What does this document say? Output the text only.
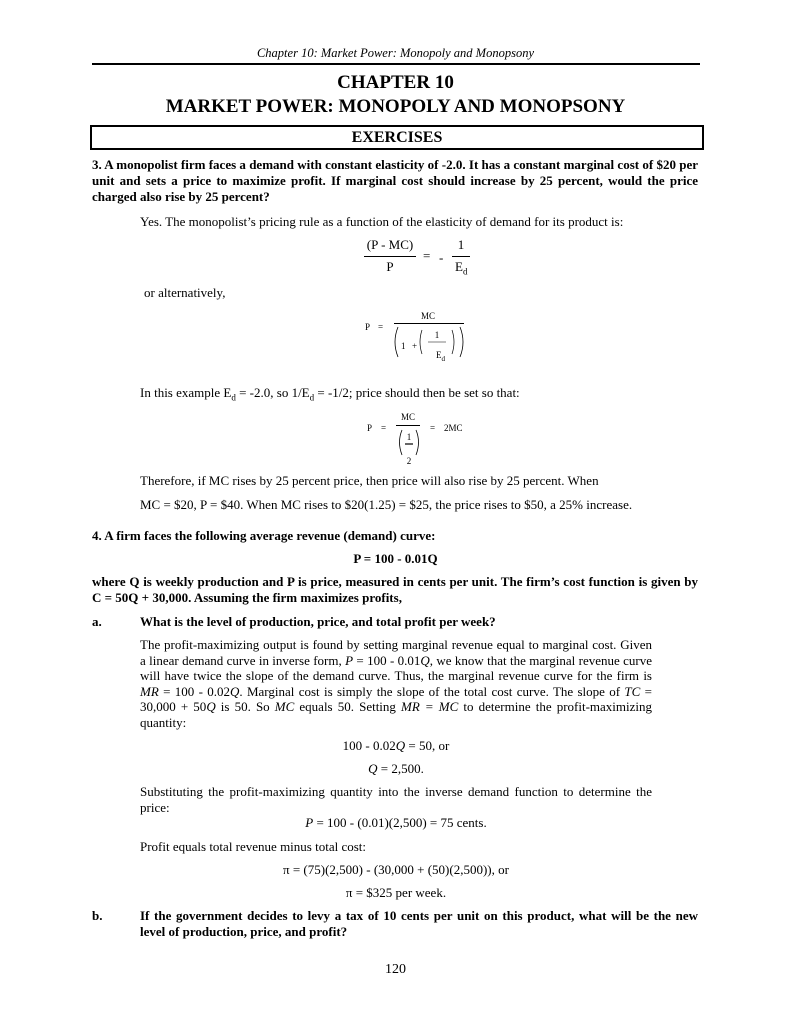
Chapter 10: Market Power: Monopoly and Monopsony
CHAPTER 10
MARKET POWER: MONOPOLY AND MONOPSONY
EXERCISES
3. A monopolist firm faces a demand with constant elasticity of -2.0. It has a constant marginal cost of $20 per unit and sets a price to maximize profit. If marginal cost should increase by 25 percent, would the price charged also rise by 25 percent?
Yes. The monopolist’s pricing rule as a function of the elasticity of demand for its product is:
(P - MC)
P
= -
1
$E_d$
or alternatively,
P =
MC
1 +
1
$E_d$
In this example $E_d = -2.0$, so $1/E_d = -1/2$; price should then be set so that:
P =
MC
1
2
= 2MC
Therefore, if MC rises by 25 percent price, then price will also rise by 25 percent. When
MC = $20, P = $40. When MC rises to $20(1.25) = $25, the price rises to $50, a 25% increase.
4. A firm faces the following average revenue (demand) curve:
P = 100 - 0.01Q
where Q is weekly production and P is price, measured in cents per unit. The firm’s cost function is given by C = 50Q + 30,000. Assuming the firm maximizes profits,
a.	What is the level of production, price, and total profit per week?
The profit-maximizing output is found by setting marginal revenue equal to marginal cost. Given a linear demand curve in inverse form, P = 100 - 0.01Q, we know that the marginal revenue curve will have twice the slope of the demand curve. Thus, the marginal revenue curve for the firm is MR = 100 - 0.02Q. Marginal cost is simply the slope of the total cost curve. The slope of TC = 30,000 + 50Q is 50. So MC equals 50. Setting MR = MC to determine the profit-maximizing quantity:
100 - 0.02Q = 50, or
Q = 2,500.
Substituting the profit-maximizing quantity into the inverse demand function to determine the price:
P = 100 - (0.01)(2,500) = 75 cents.
Profit equals total revenue minus total cost:
π = (75)(2,500) - (30,000 + (50)(2,500)), or
π = $325 per week.
b.	If the government decides to levy a tax of 10 cents per unit on this product, what will be the new level of production, price, and profit?
120
